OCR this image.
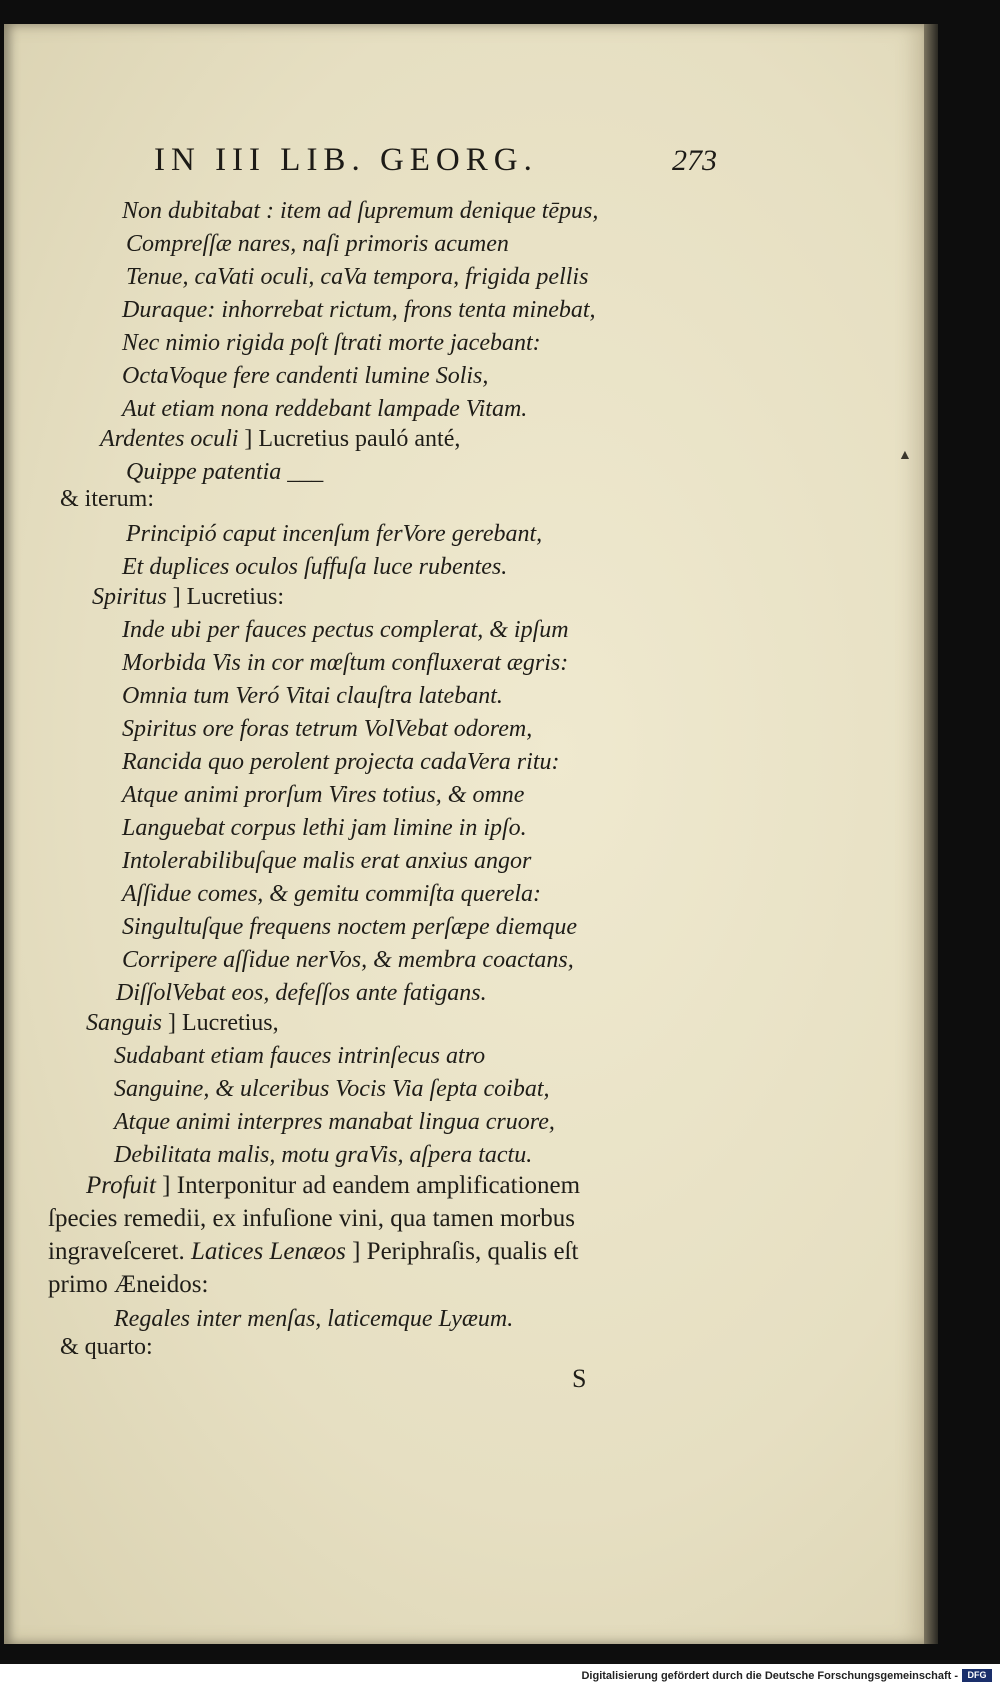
IN III LIB. GEORG.	273
Non dubitabat : item ad ſupremum denique tēpus,
Compreſſæ nares, naſi primoris acumen
Tenue, caVati oculi, caVa tempora, frigida pellis
Duraque: inhorrebat rictum, frons tenta minebat,
Nec nimio rigida poſt ſtrati morte jacebant:
OctaVoque fere candenti lumine Solis,
Aut etiam nona reddebant lampade Vitam.
Ardentes oculi ] Lucretius pauló anté,
Quippe patentia ___
& iterum:
Principió caput incenſum ferVore gerebant,
Et duplices oculos ſuffuſa luce rubentes.
Spiritus ] Lucretius:
Inde ubi per fauces pectus complerat, & ipſum
Morbida Vis in cor mœſtum confluxerat ægris:
Omnia tum Veró Vitai clauſtra latebant.
Spiritus ore foras tetrum VolVebat odorem,
Rancida quo perolent projecta cadaVera ritu:
Atque animi prorſum Vires totius, & omne
Languebat corpus lethi jam limine in ipſo.
Intolerabilibuſque malis erat anxius angor
Aſſidue comes, & gemitu commiſta querela:
Singultuſque frequens noctem perſæpe diemque
Corripere aſſidue nerVos, & membra coactans,
DiſſolVebat eos, defeſſos ante fatigans.
Sanguis ] Lucretius,
Sudabant etiam fauces intrinſecus atro
Sanguine, & ulceribus Vocis Via ſepta coibat,
Atque animi interpres manabat lingua cruore,
Debilitata malis, motu graVis, aſpera tactu.
Profuit ] Interponitur ad eandem amplificationem
ſpecies remedii, ex infuſione vini, qua tamen morbus
ingraveſceret. Latices Lenæos ] Periphraſis, qualis eſt
primo Æneidos:
Regales inter menſas, laticemque Lyæum.
& quarto:
S
▲
Digitalisierung gefördert durch die Deutsche Forschungsgemeinschaft -	DFG
